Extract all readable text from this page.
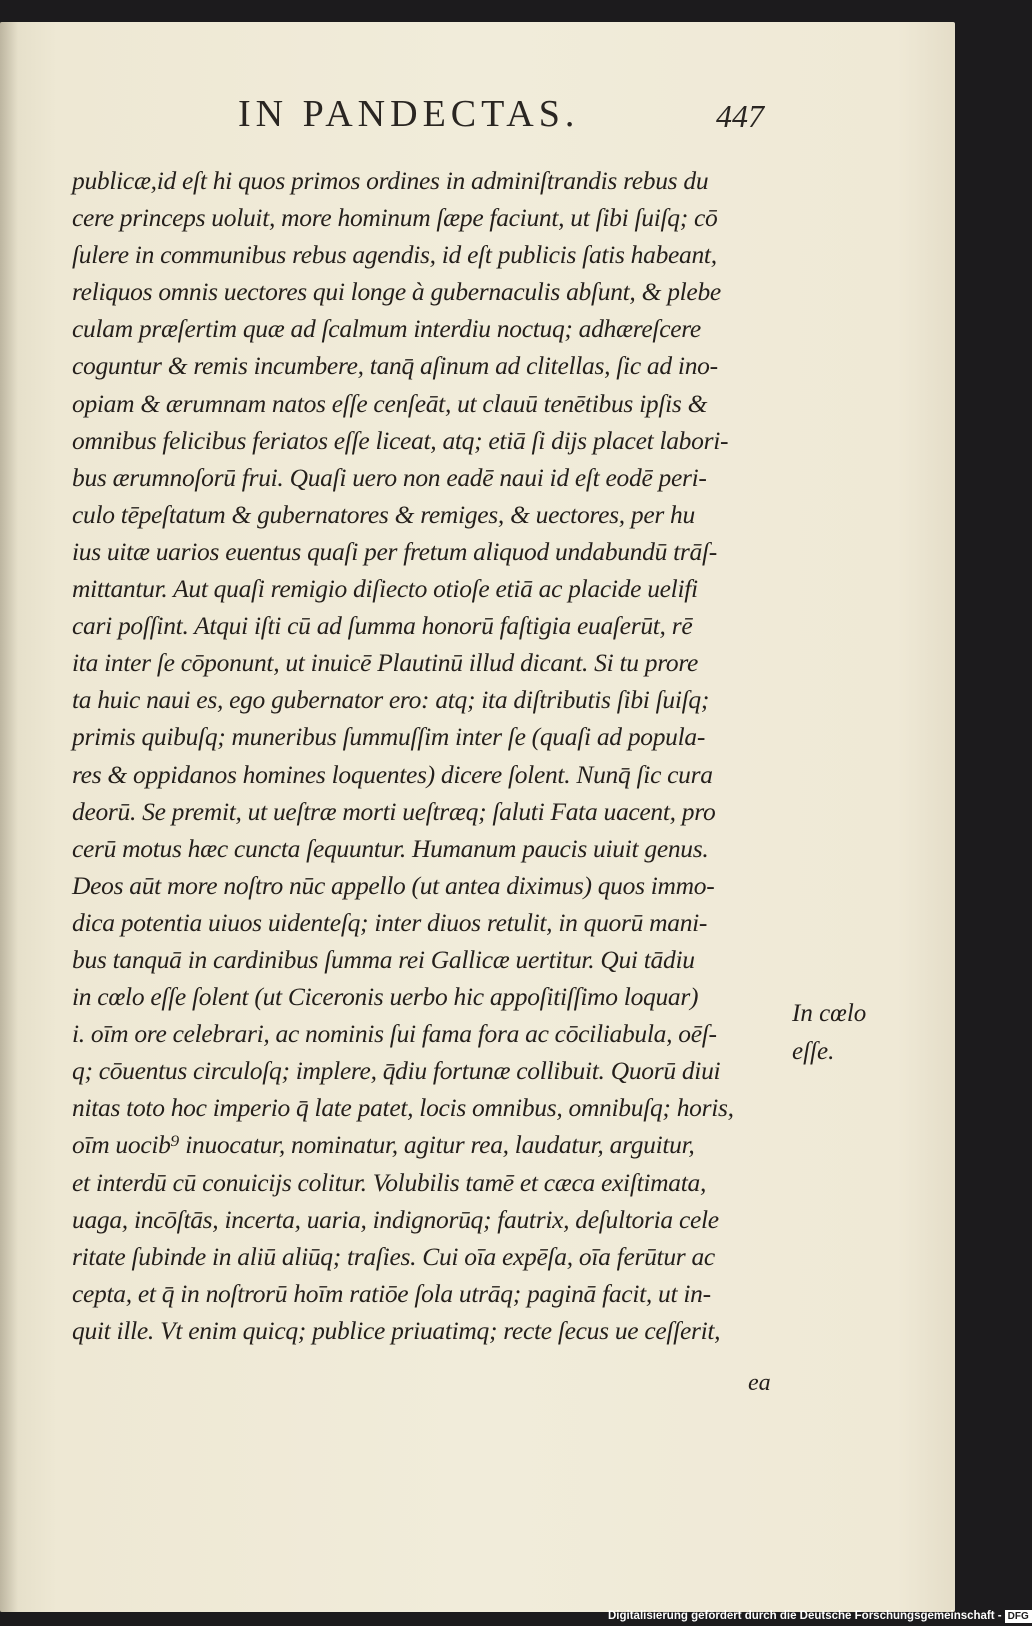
IN PANDECTAS.	447
publicæ,id eſt hi quos primos ordines in adminiſtrandis rebus du
cere princeps uoluit, more hominum ſæpe faciunt, ut ſibi ſuiſq; cō
ſulere in communibus rebus agendis, id eſt publicis ſatis habeant,
reliquos omnis uectores qui longe à gubernaculis abſunt, & plebe
culam præſertim quæ ad ſcalmum interdiu noctuq; adhæreſcere
coguntur & remis incumbere, tanq̄ aſinum ad clitellas, ſic ad ino-
opiam & ærumnam natos eſſe cenſeāt, ut clauū tenētibus ipſis &
omnibus felicibus feriatos eſſe liceat, atq; etiā ſi dijs placet labori-
bus ærumnoſorū frui. Quaſi uero non eadē naui id eſt eodē peri-
culo tēpeſtatum & gubernatores & remiges, & uectores, per hu
ius uitæ uarios euentus quaſi per fretum aliquod undabundū trāſ-
mittantur. Aut quaſi remigio diſiecto otioſe etiā ac placide uelifi
cari poſſint. Atqui iſti cū ad ſumma honorū faſtigia euaſerūt, rē
ita inter ſe cōponunt, ut inuicē Plautinū illud dicant. Si tu prore
ta huic naui es, ego gubernator ero: atq; ita diſtributis ſibi ſuiſq;
primis quibuſq; muneribus ſummuſſim inter ſe (quaſi ad popula-
res & oppidanos homines loquentes) dicere ſolent. Nunq̄ ſic cura
deorū. Se premit, ut ueſtræ morti ueſtræq; ſaluti Fata uacent, pro
cerū motus hæc cuncta ſequuntur. Humanum paucis uiuit genus.
Deos aūt more noſtro nūc appello (ut antea diximus) quos immo-
dica potentia uiuos uidenteſq; inter diuos retulit, in quorū mani-
bus tanquā in cardinibus ſumma rei Gallicæ uertitur. Qui tādiu
in cœlo eſſe ſolent (ut Ciceronis uerbo hic appoſitiſſimo loquar)
i. oīm ore celebrari, ac nominis ſui fama fora ac cōciliabula, oēſ-
q; cōuentus circuloſq; implere, q̄diu fortunæ collibuit. Quorū diui
nitas toto hoc imperio q̄ late patet, locis omnibus, omnibuſq; horis,
oīm uocib⁹ inuocatur, nominatur, agitur rea, laudatur, arguitur,
et interdū cū conuicijs colitur. Volubilis tamē et cæca exiſtimata,
uaga, incōſtās, incerta, uaria, indignorūq; fautrix, deſultoria cele
ritate ſubinde in aliū aliūq; traſies. Cui oīa expēſa, oīa ferūtur ac
cepta, et q̄ in noſtrorū hoīm ratiōe ſola utrāq; paginā facit, ut in-
quit ille. Vt enim quicq; publice priuatimq; recte ſecus ue ceſſerit,
In cœlo
eſſe.
ea
Digitalisierung gefördert durch die Deutsche Forschungsgemeinschaft - DFG
